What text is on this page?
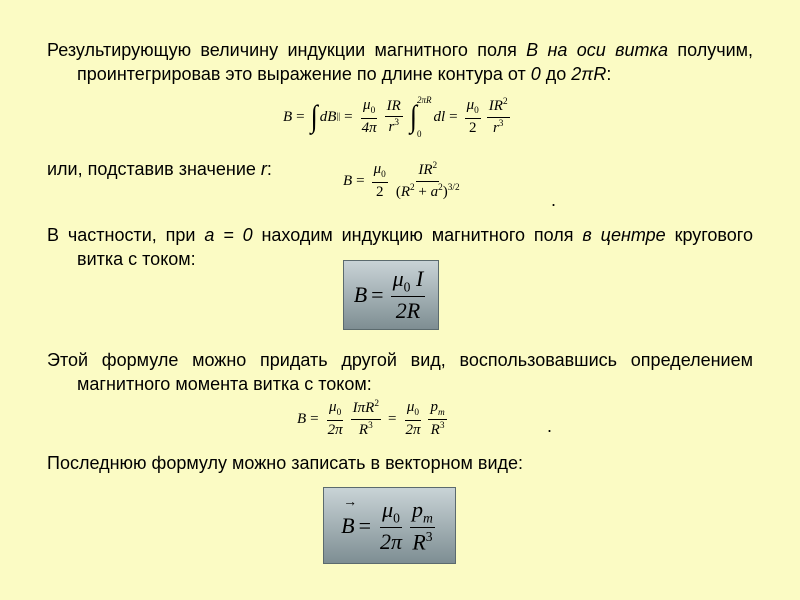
Результирующую величину индукции магнитного поля B на оси витка получим, проинтегрировав это выражение по длине контура от 0 до 2πR:

B = ∫ dB || = $\frac{\mu_0}{4\pi} \frac{IR}{r^3}$ ∫ 2πR
0
dl = $\frac{\mu_0}{2} \frac{IR^2}{r^3}$

или, подставив значение r:

$B = \frac{\mu_0}{2} \frac{IR^2}{(R^2 + a^2)^{3/2}}$	.

В частности, при a = 0 находим индукцию магнитного поля в центре кругового витка с током:

$B = \frac{\mu_0 I}{2R}$

Этой формуле можно придать другой вид, воспользовавшись определением магнитного момента витка с током:

$B = \frac{\mu_0}{2\pi} \frac{I\pi R^2}{R^3} = \frac{\mu_0}{2\pi} \frac{p_m}{R^3}$	.

Последнюю формулу можно записать в векторном виде:

→
$B = \frac{\mu_0}{2\pi} \frac{p_m}{R^3}$
